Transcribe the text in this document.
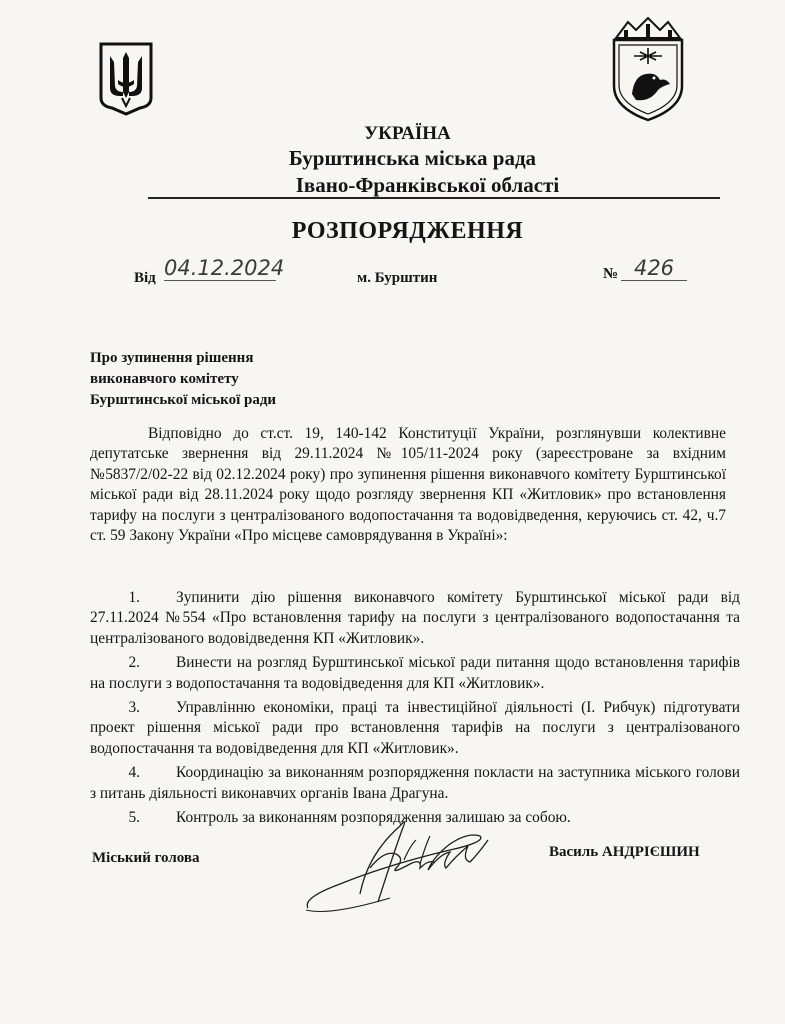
УКРАЇНА
Бурштинська міська рада
Івано-Франківської області
РОЗПОРЯДЖЕННЯ
Від 04.12.2024	м. Бурштин	№ 426
Про зупинення рішення
виконавчого комітету
Бурштинської міської ради
Відповідно до ст.ст. 19, 140-142 Конституції України, розглянувши колективне депутатське звернення від 29.11.2024 №105/11-2024 року (зареєстроване за вхідним №5837/2/02-22 від 02.12.2024 року) про зупинення рішення виконавчого комітету Бурштинської міської ради від 28.11.2024 року щодо розгляду звернення КП «Житловик» про встановлення тарифу на послуги з централізованого водопостачання та водовідведення, керуючись ст. 42, ч.7 ст. 59 Закону України «Про місцеве самоврядування в Україні»:
1. Зупинити дію рішення виконавчого комітету Бурштинської міської ради від 27.11.2024 №554 «Про встановлення тарифу на послуги з централізованого водопостачання та централізованого водовідведення КП «Житловик».
2. Винести на розгляд Бурштинської міської ради питання щодо встановлення тарифів на послуги з водопостачання та водовідведення для КП «Житловик».
3. Управлінню економіки, праці та інвестиційної діяльності (І. Рибчук) підготувати проект рішення міської ради про встановлення тарифів на послуги з централізованого водопостачання та водовідведення для КП «Житловик».
4. Координацію за виконанням розпорядження покласти на заступника міського голови з питань діяльності виконавчих органів Івана Драгуна.
5. Контроль за виконанням розпорядження залишаю за собою.
Міський голова	Василь АНДРІЄШИН
